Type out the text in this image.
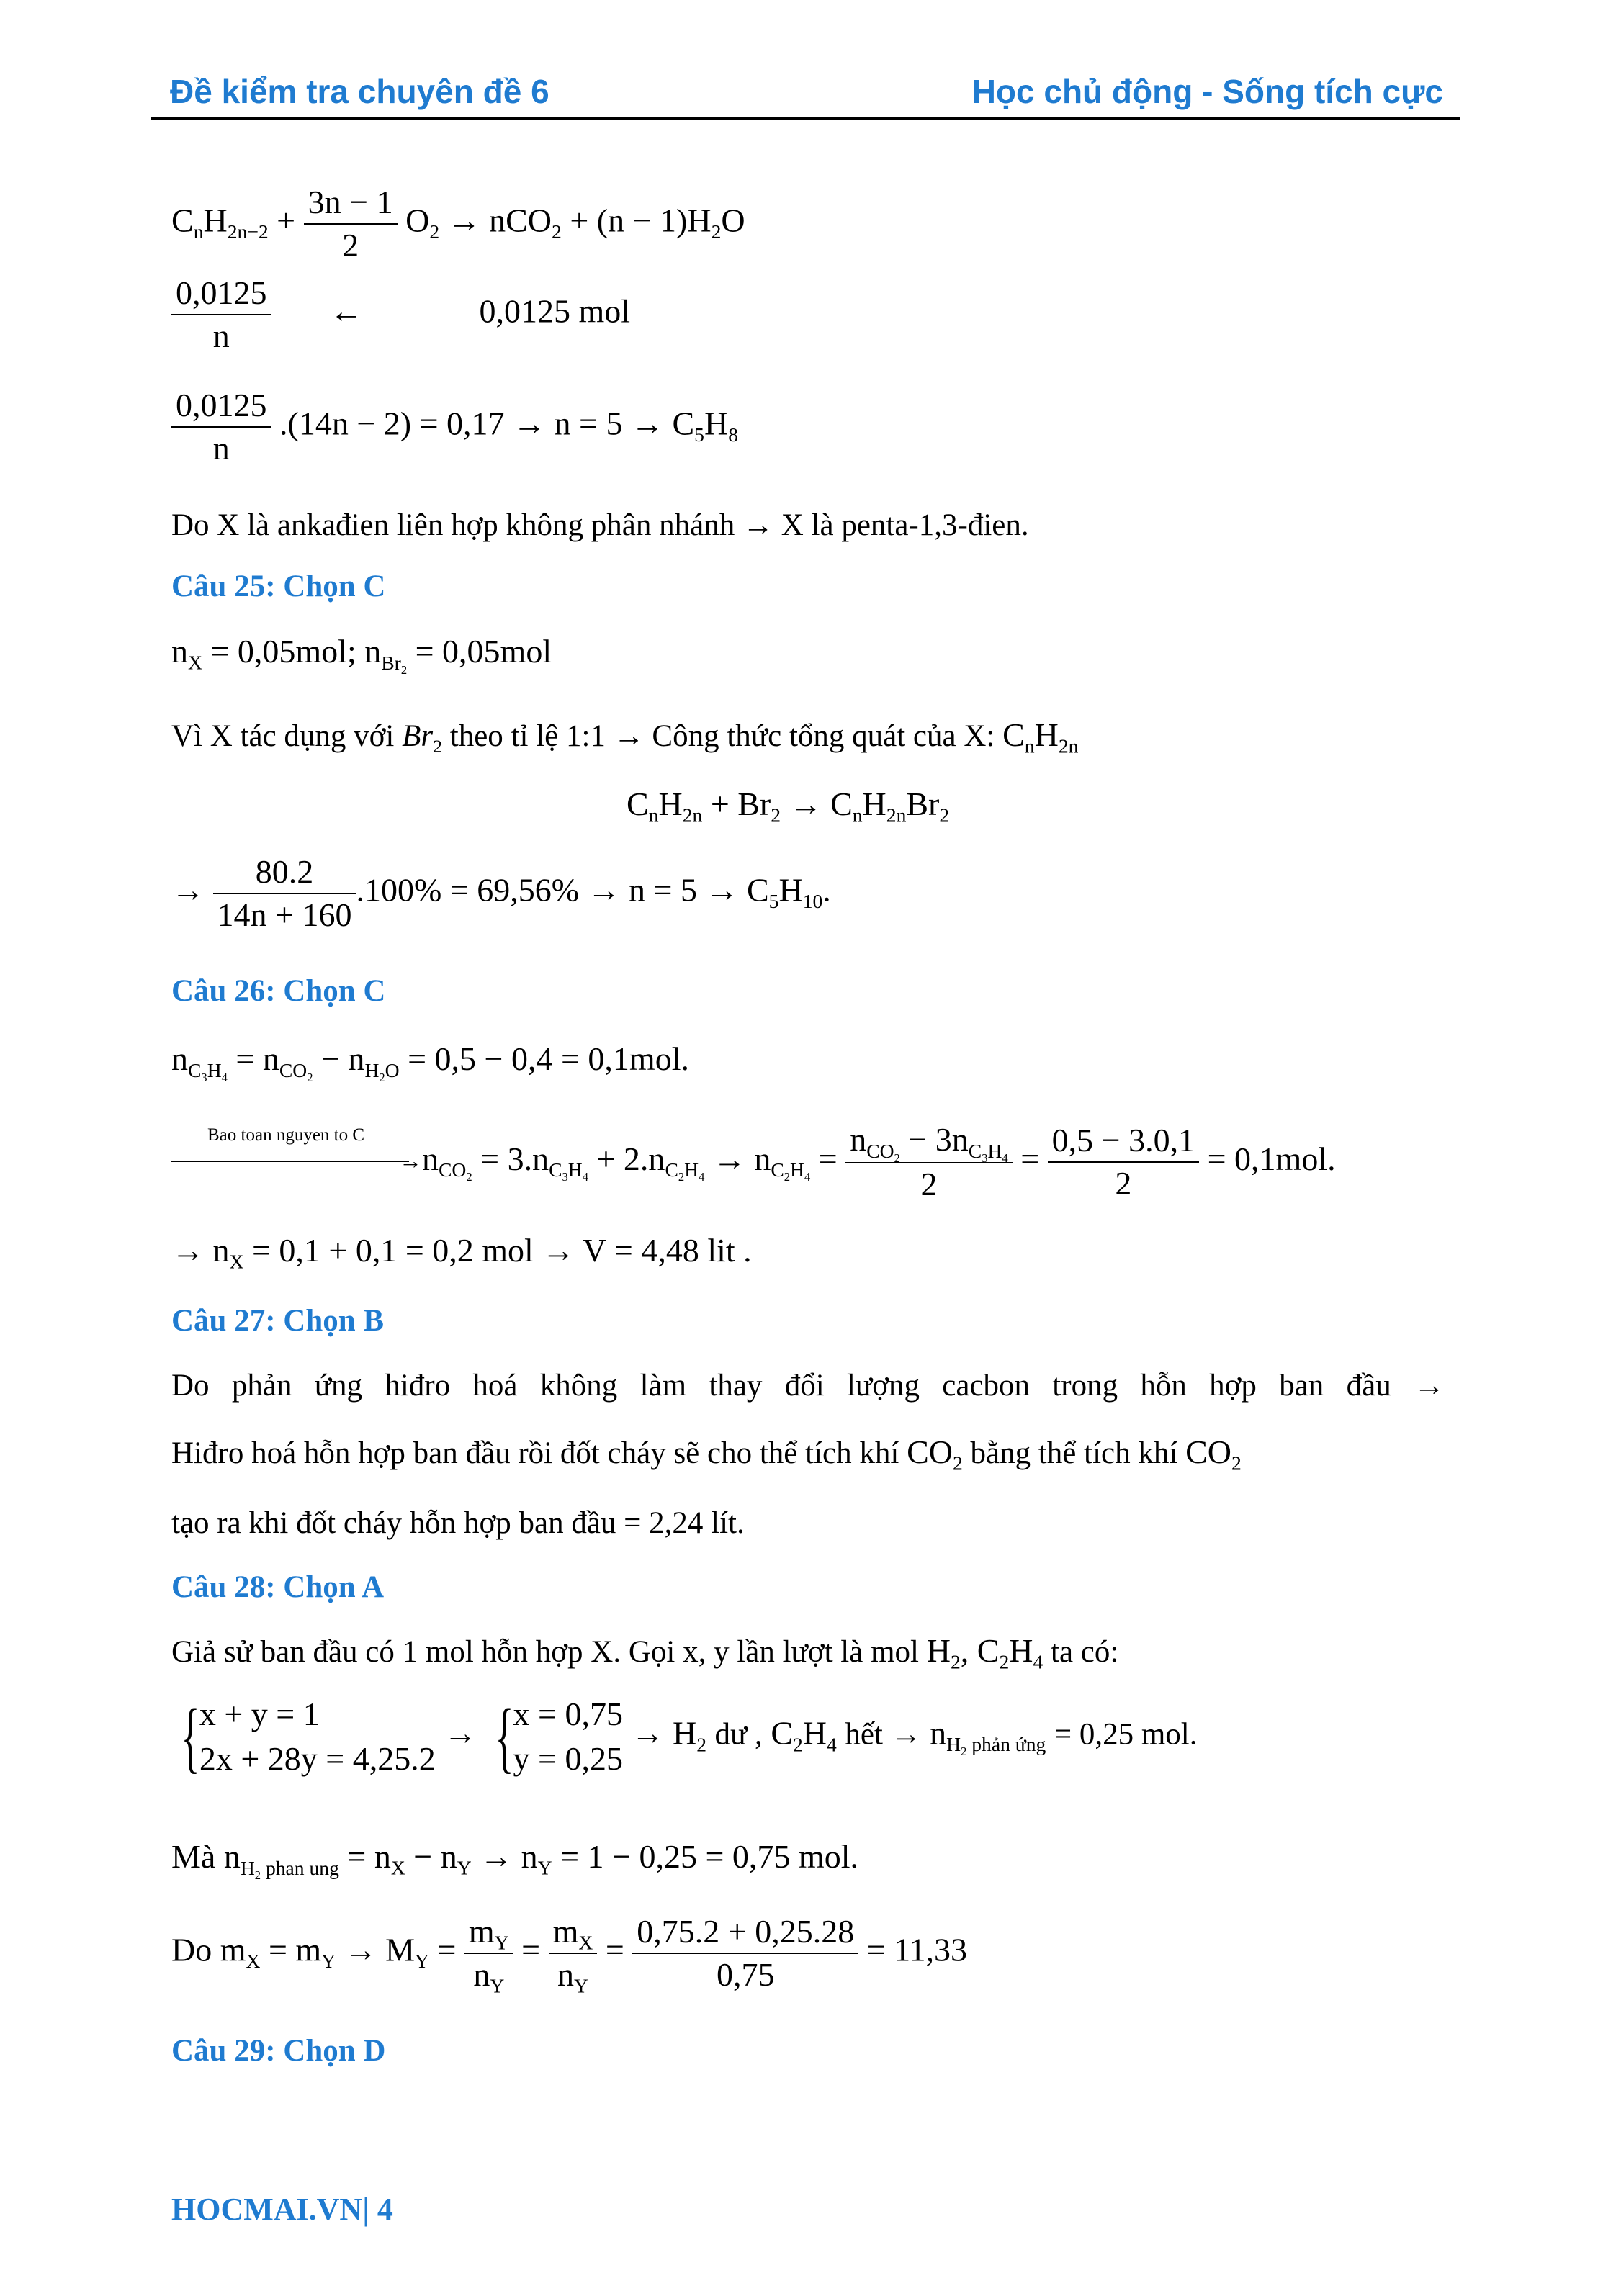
Đề kiểm tra chuyên đề 6	Học chủ động - Sống tích cực
$C_nH_{2n-2} + \frac{3n - 1}{2} O_2 \to nCO_2 + (n - 1)H_2O$
$\frac{0,0125}{n}$ ←	0,0125 mol
$\frac{0,0125}{n} .(14n - 2) = 0,17 \to n = 5 \to C_5H_8$
Do X là ankađien liên hợp không phân nhánh → X là penta-1,3-đien.
Câu 25: Chọn C
$n_X = 0,05mol$; $n_{Br_2} = 0,05mol$
Vì X tác dụng với $Br_2$ theo tỉ lệ 1:1 → Công thức tổng quát của X: $C_nH_{2n}$
$C_nH_{2n} + Br_2 \to C_nH_{2n}Br_2$
→ $\frac{80.2}{14n + 160} .100\% = 69,56\% \to n = 5 \to C_5H_{10}$.
Câu 26: Chọn C
$n_{C_3H_4} = n_{CO_2} - n_{H_2O} = 0,5 - 0,4 = 0,1mol$.
Bao toan nguyen to C
→ $n_{CO_2} = 3.n_{C_3H_4} + 2.n_{C_2H_4} \to n_{C_2H_4} = \frac{n_{CO_2} - 3n_{C_3H_4}}{2} = \frac{0,5 - 3.0,1}{2} = 0,1mol$.
→ $n_X = 0,1 + 0,1 = 0,2$ mol → V = 4,48 lit .
Câu 27: Chọn B
Do phản ứng hiđro hoá không làm thay đổi lượng cacbon trong hỗn hợp ban đầu →
Hiđro hoá hỗn hợp ban đầu rồi đốt cháy sẽ cho thể tích khí $CO_2$ bằng thể tích khí $CO_2$
tạo ra khi đốt cháy hỗn hợp ban đầu = 2,24 lít.
Câu 28: Chọn A
Giả sử ban đầu có 1 mol hỗn hợp X. Gọi x, y lần lượt là mol $H_2$, $C_2H_4$ ta có:
{x + y = 1
2x + 28y = 4,25.2 → {x = 0,75
$y = 0,25 \to H_2$ dư , $C_2H_4$ hết → $n_{H_2 phản ứng} = 0,25$ mol.
Mà $n_{H_2 phan ung} = n_X - n_Y \to n_Y = 1 - 0,25 = 0,75$ mol.
Do $m_X = m_Y \to M_Y = \frac{m_Y}{n_Y} = \frac{m_X}{n_Y} = \frac{0,75.2 + 0,25.28}{0,75} = 11,33$
Câu 29: Chọn D
HOCMAI.VN| 4
